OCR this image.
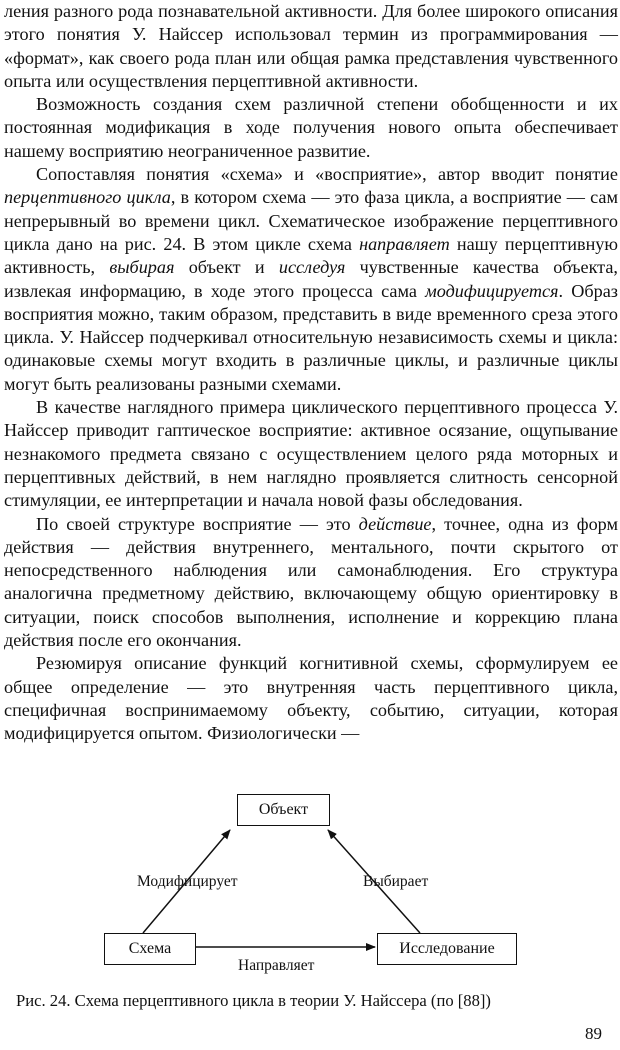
ления разного рода познавательной активности. Для более широкого описания этого понятия У. Найссер использовал термин из программирования — «формат», как своего рода план или общая рамка представления чувственного опыта или осуществления перцептивной активности.

Возможность создания схем различной степени обобщенности и их постоянная модификация в ходе получения нового опыта обеспечивает нашему восприятию неограниченное развитие.

Сопоставляя понятия «схема» и «восприятие», автор вводит понятие перцептивного цикла, в котором схема — это фаза цикла, а восприятие — сам непрерывный во времени цикл. Схематическое изображение перцептивного цикла дано на рис. 24. В этом цикле схема направляет нашу перцептивную активность, выбирая объект и исследуя чувственные качества объекта, извлекая информацию, в ходе этого процесса сама модифицируется. Образ восприятия можно, таким образом, представить в виде временного среза этого цикла. У. Найссер подчеркивал относительную независимость схемы и цикла: одинаковые схемы могут входить в различные циклы, и различные циклы могут быть реализованы разными схемами.

В качестве наглядного примера циклического перцептивного процесса У. Найссер приводит гаптическое восприятие: активное осязание, ощупывание незнакомого предмета связано с осуществлением целого ряда моторных и перцептивных действий, в нем наглядно проявляется слитность сенсорной стимуляции, ее интерпретации и начала новой фазы обследования.

По своей структуре восприятие — это действие, точнее, одна из форм действия — действия внутреннего, ментального, почти скрытого от непосредственного наблюдения или самонаблюдения. Его структура аналогична предметному действию, включающему общую ориентировку в ситуации, поиск способов выполнения, исполнение и коррекцию плана действия после его окончания.

Резюмируя описание функций когнитивной схемы, сформулируем ее общее определение — это внутренняя часть перцептивного цикла, специфичная воспринимаемому объекту, событию, ситуации, которая модифицируется опытом. Физиологически —

Объект
Схема	Исследование
Модифицирует	Выбирает
Направляет
Рис. 24. Схема перцептивного цикла в теории У. Найссера (по [88])
89
